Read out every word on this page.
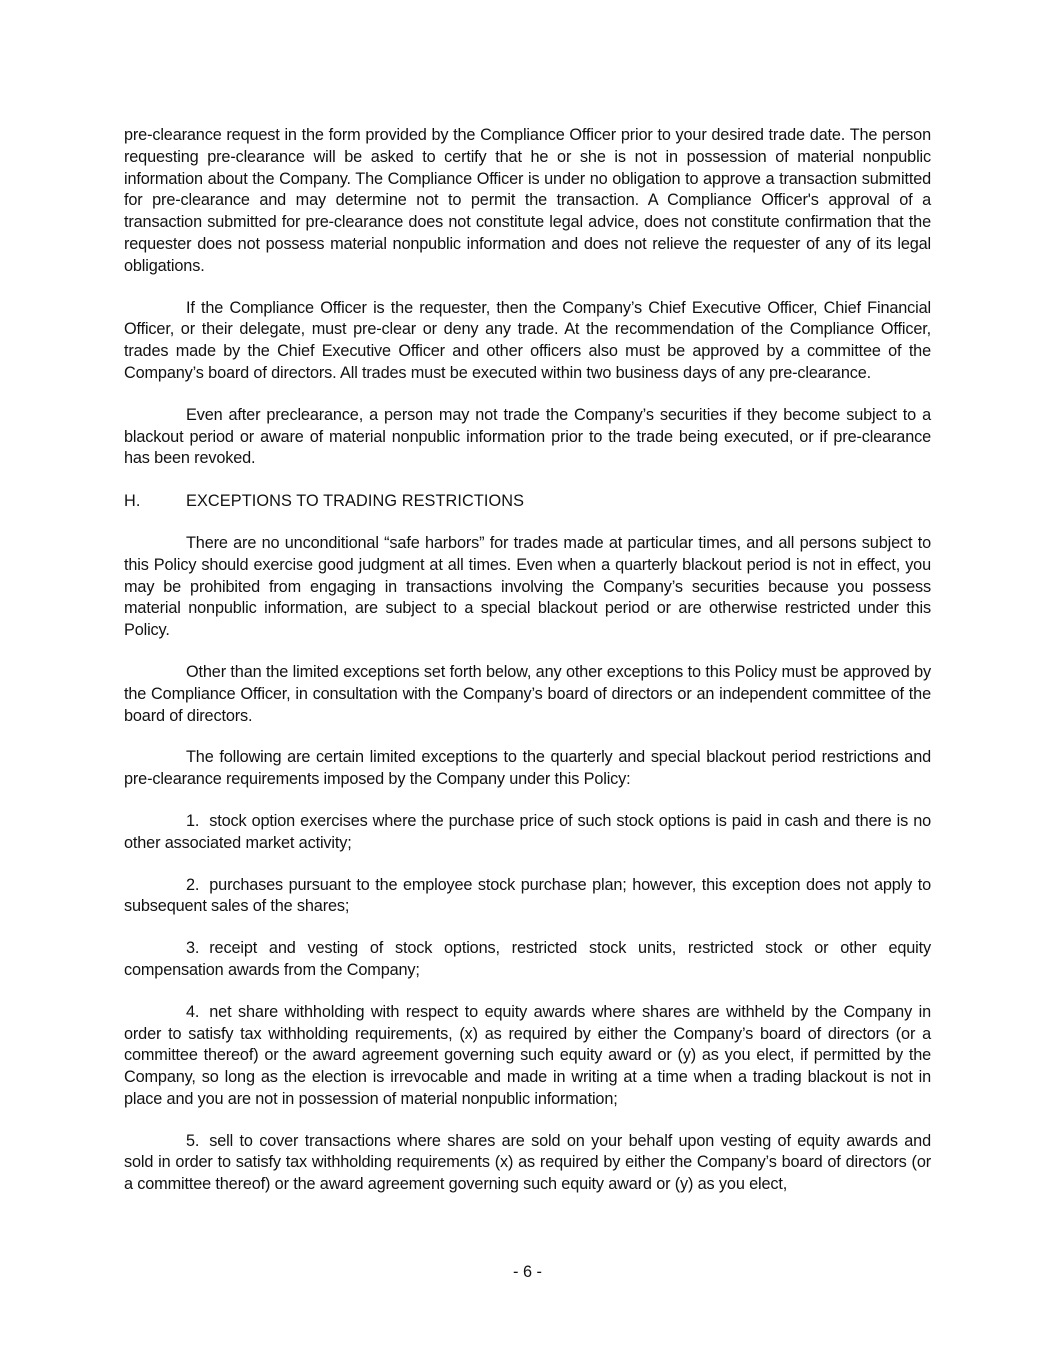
pre-clearance request in the form provided by the Compliance Officer prior to your desired trade date. The person requesting pre-clearance will be asked to certify that he or she is not in possession of material nonpublic information about the Company. The Compliance Officer is under no obligation to approve a transaction submitted for pre-clearance and may determine not to permit the transaction. A Compliance Officer's approval of a transaction submitted for pre-clearance does not constitute legal advice, does not constitute confirmation that the requester does not possess material nonpublic information and does not relieve the requester of any of its legal obligations.

If the Compliance Officer is the requester, then the Company’s Chief Executive Officer, Chief Financial Officer, or their delegate, must pre-clear or deny any trade. At the recommendation of the Compliance Officer, trades made by the Chief Executive Officer and other officers also must be approved by a committee of the Company’s board of directors. All trades must be executed within two business days of any pre-clearance.

Even after preclearance, a person may not trade the Company’s securities if they become subject to a blackout period or aware of material nonpublic information prior to the trade being executed, or if pre-clearance has been revoked.

H.	EXCEPTIONS TO TRADING RESTRICTIONS

There are no unconditional “safe harbors” for trades made at particular times, and all persons subject to this Policy should exercise good judgment at all times. Even when a quarterly blackout period is not in effect, you may be prohibited from engaging in transactions involving the Company’s securities because you possess material nonpublic information, are subject to a special blackout period or are otherwise restricted under this Policy.

Other than the limited exceptions set forth below, any other exceptions to this Policy must be approved by the Compliance Officer, in consultation with the Company’s board of directors or an independent committee of the board of directors.

The following are certain limited exceptions to the quarterly and special blackout period restrictions and pre-clearance requirements imposed by the Company under this Policy:

1. stock option exercises where the purchase price of such stock options is paid in cash and there is no other associated market activity;

2. purchases pursuant to the employee stock purchase plan; however, this exception does not apply to subsequent sales of the shares;

3. receipt and vesting of stock options, restricted stock units, restricted stock or other equity compensation awards from the Company;

4. net share withholding with respect to equity awards where shares are withheld by the Company in order to satisfy tax withholding requirements, (x) as required by either the Company’s board of directors (or a committee thereof) or the award agreement governing such equity award or (y) as you elect, if permitted by the Company, so long as the election is irrevocable and made in writing at a time when a trading blackout is not in place and you are not in possession of material nonpublic information;

5. sell to cover transactions where shares are sold on your behalf upon vesting of equity awards and sold in order to satisfy tax withholding requirements (x) as required by either the Company’s board of directors (or a committee thereof) or the award agreement governing such equity award or (y) as you elect,

- 6 -
